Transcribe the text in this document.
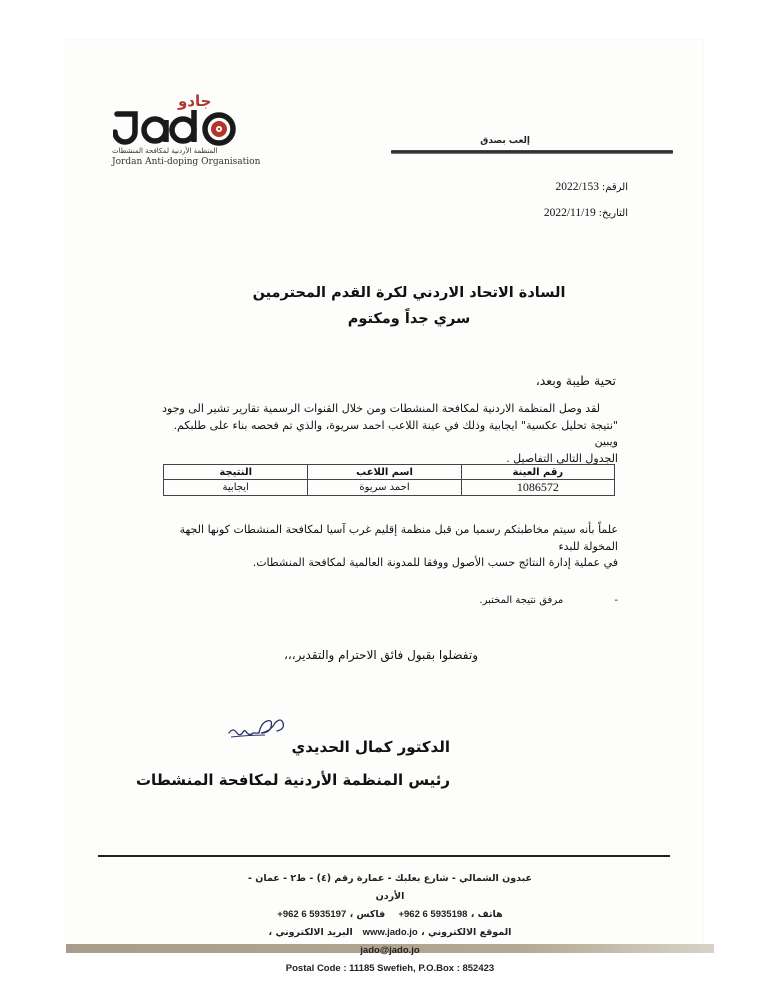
جادو
المنظمة الأردنية لمكافحة المنشطات
Jordan Anti-doping Organisation
إلعب بصدق
الرقم: 2022/153
التاريخ: 2022/11/19
السادة الاتحاد الاردني لكرة القدم المحترمين
سري جداً ومكتوم
تحية طيبة وبعد،
لقد وصل المنظمة الاردنية لمكافحة المنشطات ومن خلال القنوات الرسمية تقارير تشير الى وجود
"نتيجة تحليل عكسية" ايجابية وذلك في عينة اللاعب احمد سريوة، والذي تم فحصه بناء على طلبكم. ويبين
الجدول التالي التفاصيل .
رقم العينة	اسم اللاعب	النتيجة
1086572	احمد سريوة	ايجابية
علماً بأنه سيتم مخاطبتكم رسميا من قبل منظمة إقليم غرب آسيا لمكافحة المنشطات كونها الجهة المخولة للبدء
في عملية إدارة النتائج حسب الأصول ووفقا للمدونة العالمية لمكافحة المنشطات.
- مرفق نتيجة المختبر.
وتفضلوا بقبول فائق الاحترام والتقدير،،،
الدكتور كمال الحديدي
رئيس المنظمة الأردنية لمكافحة المنشطات
عبدون الشمالي - شارع بعلبك - عمارة رقم (٤) - ط٢ - عمان - الأردن
هاتف ، +962 6 5935198    فاكس ، +962 6 5935197
الموقع الالكتروني ، www.jado.jo   البريد الالكتروني ، jado@jado.jo
Postal Code : 11185 Swefieh, P.O.Box : 852423
